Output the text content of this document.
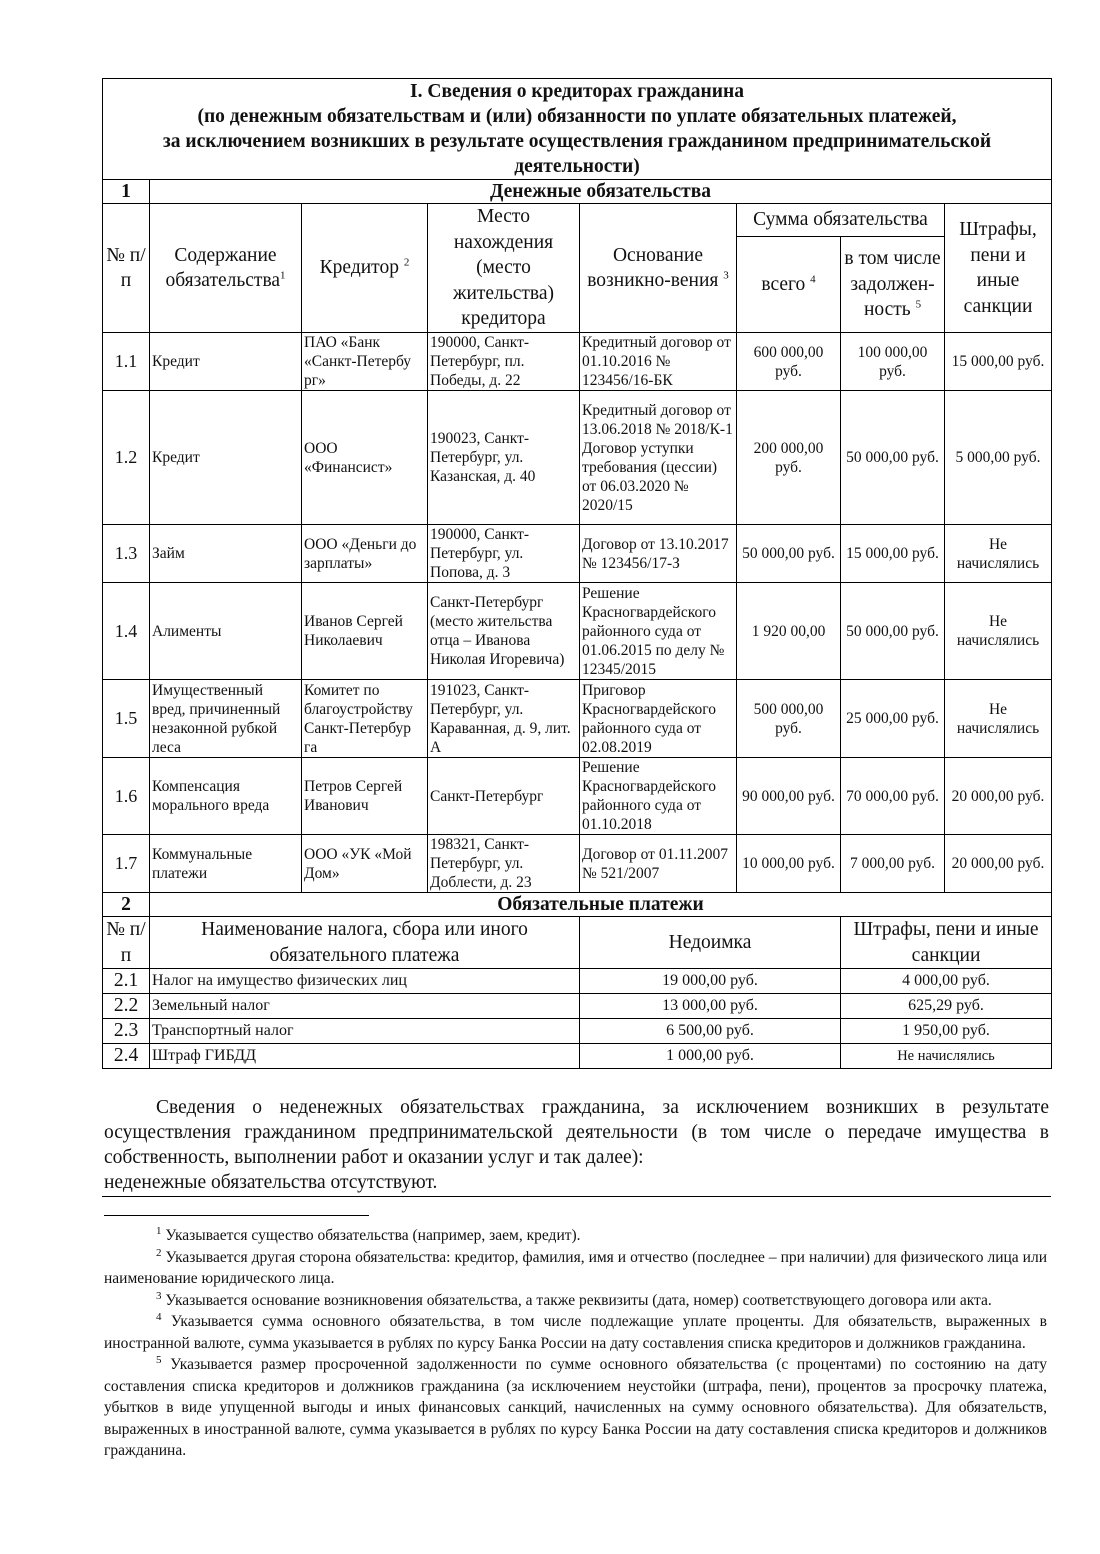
I. Сведения о кредиторах гражданина
(по денежным обязательствам и (или) обязанности по уплате обязательных платежей,
за исключением возникших в результате осуществления гражданином предпринимательской
деятельности)							

1	Денежные обязательства						
№ п/п	Содержание обязательства$^1$	Кредитор $^2$	Место нахождения (место жительства) кредитора	Основание возникно-вения $^3$	Сумма обязательства		Штрафы, пени и иные санкции
					всего $^4$	в том числе задолжен-ность $^5$
1.1	Кредит	ПАО «Банк «Санкт-Петербу рг»	190000, Санкт-Петербург, пл. Победы, д. 22	Кредитный договор от 01.10.2016 № 123456/16-БК	600 000,00 руб.	100 000,00 руб.	15 000,00 руб.
1.2	Кредит	ООО «Финансист»	190023, Санкт-Петербург, ул. Казанская, д. 40	Кредитный договор от 13.06.2018 № 2018/К-1 Договор уступки требования (цессии) от 06.03.2020 № 2020/15	200 000,00 руб.	50 000,00 руб.	5 000,00 руб.
1.3	Займ	ООО «Деньги до зарплаты»	190000, Санкт-Петербург, ул. Попова, д. 3	Договор от 13.10.2017 № 123456/17-З	50 000,00 руб.	15 000,00 руб.	Не начислялись
1.4	Алименты	Иванов Сергей Николаевич	Санкт-Петербург (место жительства отца – Иванова Николая Игоревича)	Решение Красногвардейского районного суда от 01.06.2015 по делу № 12345/2015	1 920 00,00	50 000,00 руб.	Не начислялись
1.5	Имущественный вред, причиненный незаконной рубкой леса	Комитет по благоустройству Санкт-Петербур га	191023, Санкт-Петербург, ул. Караванная, д. 9, лит. А	Приговор Красногвардейского районного суда от 02.08.2019	500 000,00 руб.	25 000,00 руб.	Не начислялись
1.6	Компенсация морального вреда	Петров Сергей Иванович	Санкт-Петербург	Решение Красногвардейского районного суда от 01.10.2018	90 000,00 руб.	70 000,00 руб.	20 000,00 руб.
1.7	Коммунальные платежи	ООО «УК «Мой Дом»	198321, Санкт-Петербург, ул. Доблести, д. 23	Договор от 01.11.2007 № 521/2007	10 000,00 руб.	7 000,00 руб.	20 000,00 руб.
2	Обязательные платежи						
№ п/п	Наименование налога, сбора или иного обязательного платежа			Недоимка		Штрафы, пени и иные санкции	
2.1	Налог на имущество физических лиц			19 000,00 руб.		4 000,00 руб.	
2.2	Земельный налог			13 000,00 руб.		625,29 руб.	
2.3	Транспортный налог			6 500,00 руб.		1 950,00 руб.	
2.4	Штраф ГИБДД			1 000,00 руб.		Не начислялись	

Сведения о неденежных обязательствах гражданина, за исключением возникших в результате осуществления гражданином предпринимательской деятельности (в том числе о передаче имущества в собственность, выполнении работ и оказании услуг и так далее):

неденежные обязательства отсутствуют.

$^1$ Указывается существо обязательства (например, заем, кредит).

$^2$ Указывается другая сторона обязательства: кредитор, фамилия, имя и отчество (последнее – при наличии) для физического лица или наименование юридического лица.

$^3$ Указывается основание возникновения обязательства, а также реквизиты (дата, номер) соответствующего договора или акта.

$^4$ Указывается сумма основного обязательства, в том числе подлежащие уплате проценты. Для обязательств, выраженных в иностранной валюте, сумма указывается в рублях по курсу Банка России на дату составления списка кредиторов и должников гражданина.

$^5$ Указывается размер просроченной задолженности по сумме основного обязательства (с процентами) по состоянию на дату составления списка кредиторов и должников гражданина (за исключением неустойки (штрафа, пени), процентов за просрочку платежа, убытков в виде упущенной выгоды и иных финансовых санкций, начисленных на сумму основного обязательства). Для обязательств, выраженных в иностранной валюте, сумма указывается в рублях по курсу Банка России на дату составления списка кредиторов и должников гражданина.
